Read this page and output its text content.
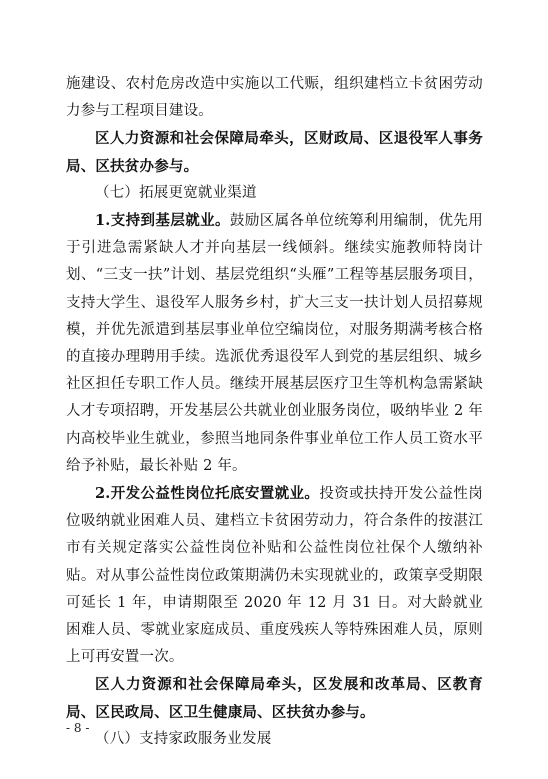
施建设、农村危房改造中实施以工代赈，组织建档立卡贫困劳动力参与工程项目建设。

区人力资源和社会保障局牵头，区财政局、区退役军人事务局、区扶贫办参与。

（七）拓展更宽就业渠道

1.支持到基层就业。鼓励区属各单位统筹利用编制，优先用于引进急需紧缺人才并向基层一线倾斜。继续实施教师特岗计划、“三支一扶”计划、基层党组织“头雁”工程等基层服务项目，支持大学生、退役军人服务乡村，扩大三支一扶计划人员招募规模，并优先派遣到基层事业单位空编岗位，对服务期满考核合格的直接办理聘用手续。选派优秀退役军人到党的基层组织、城乡社区担任专职工作人员。继续开展基层医疗卫生等机构急需紧缺人才专项招聘，开发基层公共就业创业服务岗位，吸纳毕业 2 年内高校毕业生就业，参照当地同条件事业单位工作人员工资水平给予补贴，最长补贴 2 年。

2.开发公益性岗位托底安置就业。投资或扶持开发公益性岗位吸纳就业困难人员、建档立卡贫困劳动力，符合条件的按湛江市有关规定落实公益性岗位补贴和公益性岗位社保个人缴纳补贴。对从事公益性岗位政策期满仍未实现就业的，政策享受期限可延长 1 年，申请期限至 2020 年 12 月 31 日。对大龄就业困难人员、零就业家庭成员、重度残疾人等特殊困难人员，原则上可再安置一次。

区人力资源和社会保障局牵头，区发展和改革局、区教育局、区民政局、区卫生健康局、区扶贫办参与。

（八）支持家政服务业发展

- 8 -
